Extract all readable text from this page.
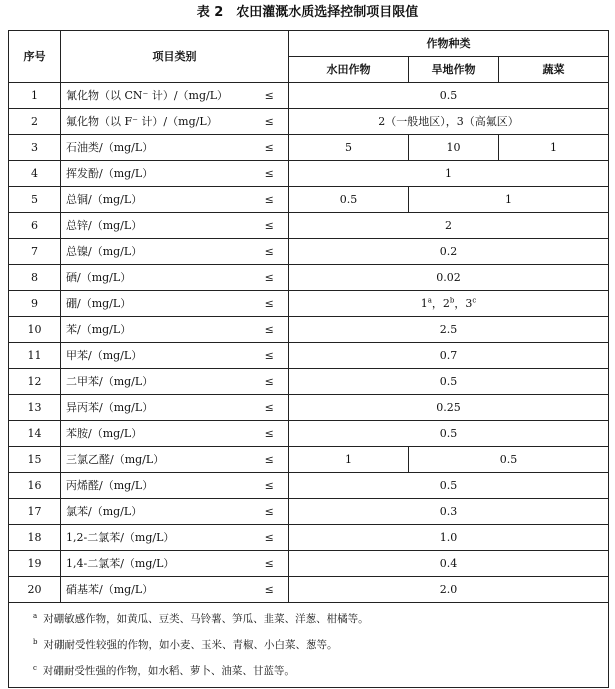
表 2　农田灌溉水质选择控制项目限值
序号	项目类别		作物种类		
			水田作物	旱地作物	蔬菜
1	氰化物（以 CN⁻ 计）/（mg/L）	≤	0.5		
2	氟化物（以 F⁻ 计）/（mg/L）	≤	2（一般地区），3（高氟区）		
3	石油类/（mg/L）	≤	5	10	1
4	挥发酚/（mg/L）	≤	1		
5	总铜/（mg/L）	≤	0.5	1	
6	总锌/（mg/L）	≤	2		
7	总镍/（mg/L）	≤	0.2		
8	硒/（mg/L）	≤	0.02		
9	硼/（mg/L）	≤	$1^a$，2$^b$，3$^c$
10	苯/（mg/L）	≤	2.5		
11	甲苯/（mg/L）	≤	0.7		
12	二甲苯/（mg/L）	≤	0.5		
13	异丙苯/（mg/L）	≤	0.25		
14	苯胺/（mg/L）	≤	0.5		
15	三氯乙醛/（mg/L）	≤	1	0.5	
16	丙烯醛/（mg/L）	≤	0.5		
17	氯苯/（mg/L）	≤	0.3		
18	1,2-二氯苯/（mg/L）	≤	1.0		
19	1,4-二氯苯/（mg/L）	≤	0.4		
20	硝基苯/（mg/L）	≤	2.0		

$^a$ 对硼敏感作物，如黄瓜、豆类、马铃薯、笋瓜、韭菜、洋葱、柑橘等。
$^b$ 对硼耐受性较强的作物，如小麦、玉米、青椒、小白菜、葱等。
$^c$ 对硼耐受性强的作物，如水稻、萝卜、油菜、甘蓝等。					
